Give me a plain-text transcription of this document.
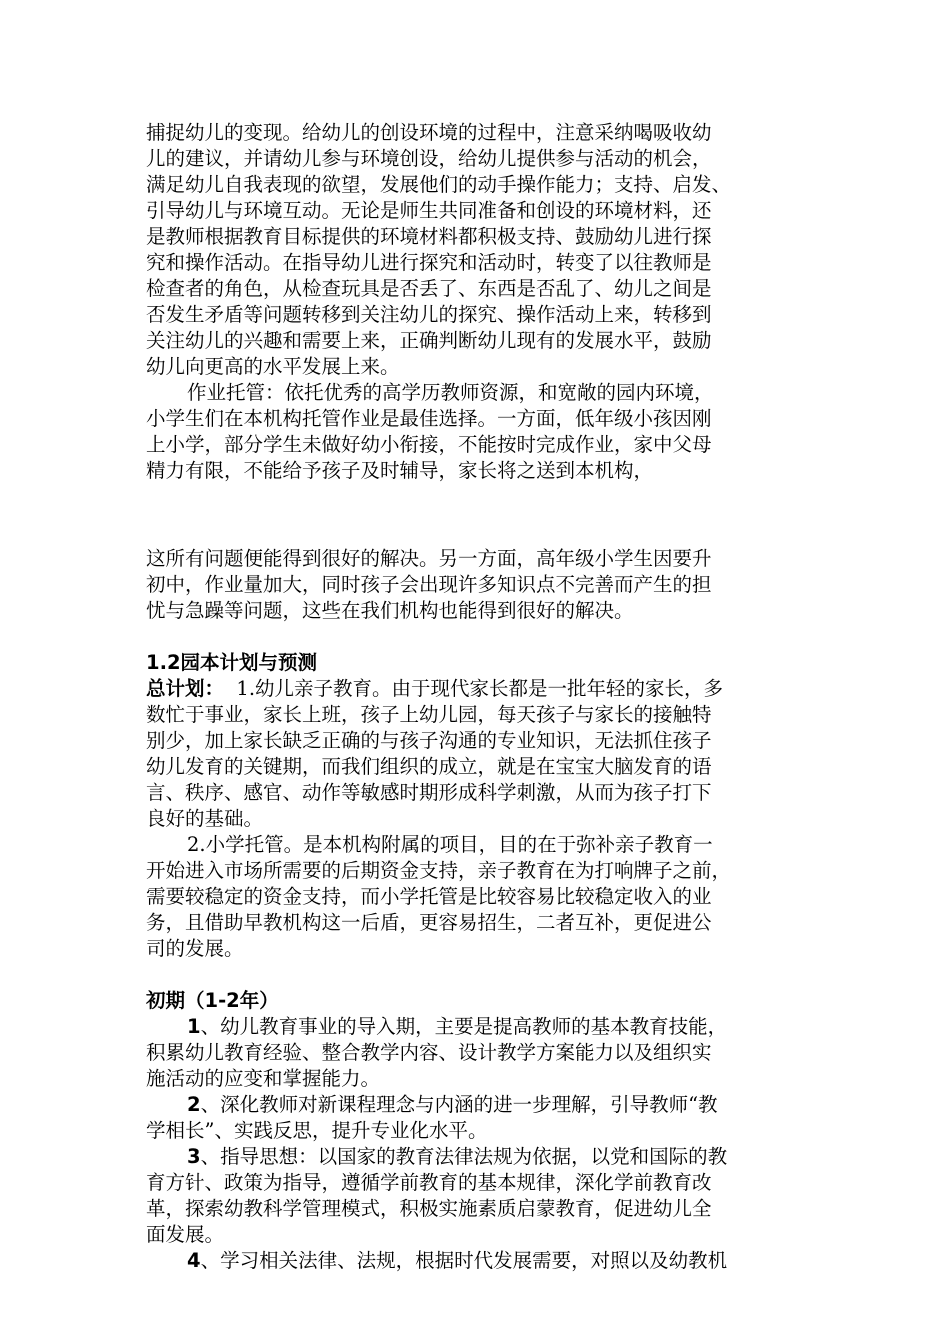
捕捉幼儿的变现。给幼儿的创设环境的过程中，注意采纳喝吸收幼
儿的建议，并请幼儿参与环境创设，给幼儿提供参与活动的机会，
满足幼儿自我表现的欲望，发展他们的动手操作能力；支持、启发、
引导幼儿与环境互动。无论是师生共同准备和创设的环境材料，还
是教师根据教育目标提供的环境材料都积极支持、鼓励幼儿进行探
究和操作活动。在指导幼儿进行探究和活动时，转变了以往教师是
检查者的角色，从检查玩具是否丢了、东西是否乱了、幼儿之间是
否发生矛盾等问题转移到关注幼儿的探究、操作活动上来，转移到
关注幼儿的兴趣和需要上来，正确判断幼儿现有的发展水平，鼓励
幼儿向更高的水平发展上来。
作业托管：依托优秀的高学历教师资源，和宽敞的园内环境，
小学生们在本机构托管作业是最佳选择。一方面，低年级小孩因刚
上小学，部分学生未做好幼小衔接，不能按时完成作业，家中父母
精力有限，不能给予孩子及时辅导，家长将之送到本机构，
这所有问题便能得到很好的解决。另一方面，高年级小学生因要升
初中，作业量加大，同时孩子会出现许多知识点不完善而产生的担
忧与急躁等问题，这些在我们机构也能得到很好的解决。
1.2园本计划与预测
总计划：  1.幼儿亲子教育。由于现代家长都是一批年轻的家长，多
数忙于事业，家长上班，孩子上幼儿园，每天孩子与家长的接触特
别少，加上家长缺乏正确的与孩子沟通的专业知识，无法抓住孩子
幼儿发育的关键期，而我们组织的成立，就是在宝宝大脑发育的语
言、秩序、感官、动作等敏感时期形成科学刺激，从而为孩子打下
良好的基础。
2.小学托管。是本机构附属的项目，目的在于弥补亲子教育一
开始进入市场所需要的后期资金支持，亲子教育在为打响牌子之前，
需要较稳定的资金支持，而小学托管是比较容易比较稳定收入的业
务，且借助早教机构这一后盾，更容易招生，二者互补，更促进公
司的发展。
初期（1-2年）
1、幼儿教育事业的导入期，主要是提高教师的基本教育技能，
积累幼儿教育经验、整合教学内容、设计教学方案能力以及组织实
施活动的应变和掌握能力。
2、深化教师对新课程理念与内涵的进一步理解，引导教师“教
学相长”、实践反思，提升专业化水平。
3、指导思想：以国家的教育法律法规为依据，以党和国际的教
育方针、政策为指导，遵循学前教育的基本规律，深化学前教育改
革，探索幼教科学管理模式，积极实施素质启蒙教育，促进幼儿全
面发展。
4、学习相关法律、法规，根据时代发展需要，对照以及幼教机
